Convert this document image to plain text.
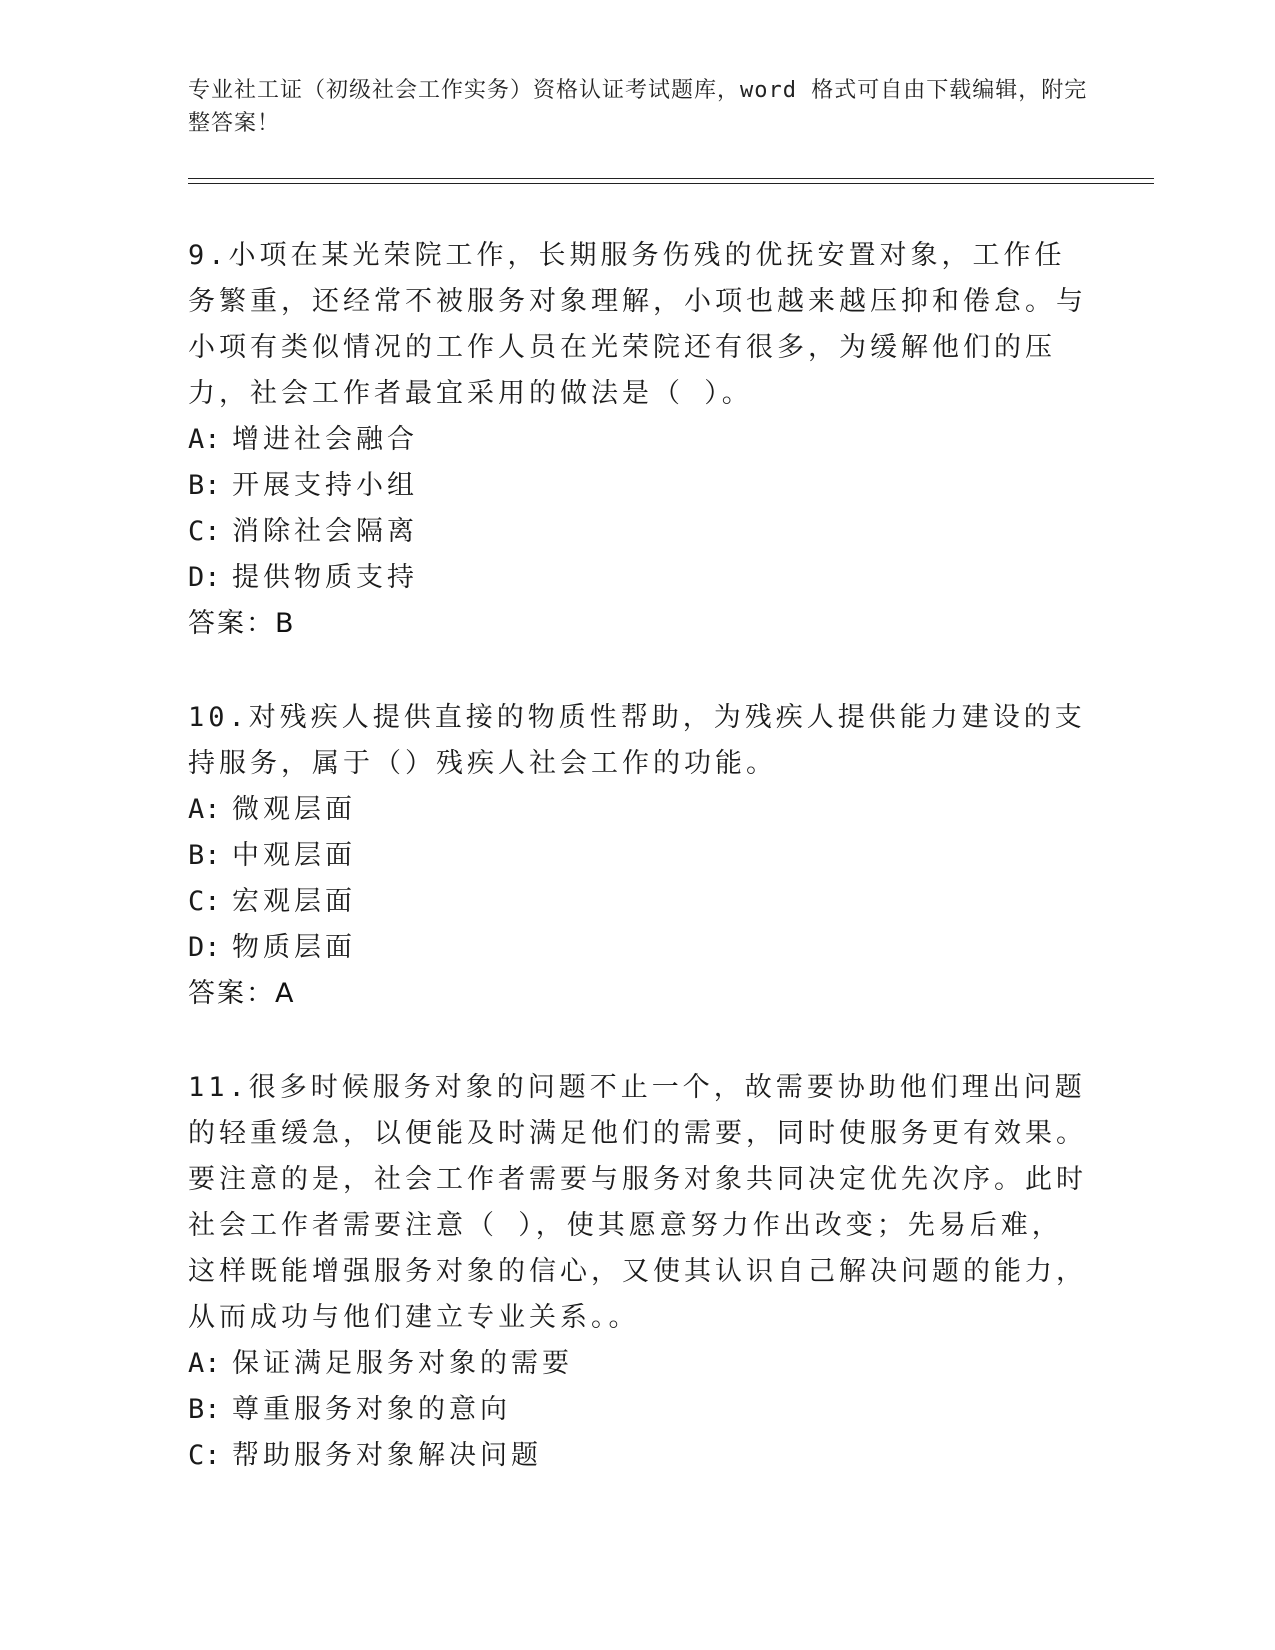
专业社工证（初级社会工作实务）资格认证考试题库，word 格式可自由下载编辑，附完整答案！

9.小项在某光荣院工作，长期服务伤残的优抚安置对象，工作任务繁重，还经常不被服务对象理解，小项也越来越压抑和倦怠。与小项有类似情况的工作人员在光荣院还有很多，为缓解他们的压力，社会工作者最宜采用的做法是（ ）。

A: 增进社会融合

B: 开展支持小组

C: 消除社会隔离

D: 提供物质支持

答案：B

10.对残疾人提供直接的物质性帮助，为残疾人提供能力建设的支持服务，属于（）残疾人社会工作的功能。

A: 微观层面

B: 中观层面

C: 宏观层面

D: 物质层面

答案：A

11.很多时候服务对象的问题不止一个，故需要协助他们理出问题的轻重缓急，以便能及时满足他们的需要，同时使服务更有效果。要注意的是，社会工作者需要与服务对象共同决定优先次序。此时社会工作者需要注意（ ），使其愿意努力作出改变；先易后难，这样既能增强服务对象的信心，又使其认识自己解决问题的能力，从而成功与他们建立专业关系。。

A: 保证满足服务对象的需要

B: 尊重服务对象的意向

C: 帮助服务对象解决问题
